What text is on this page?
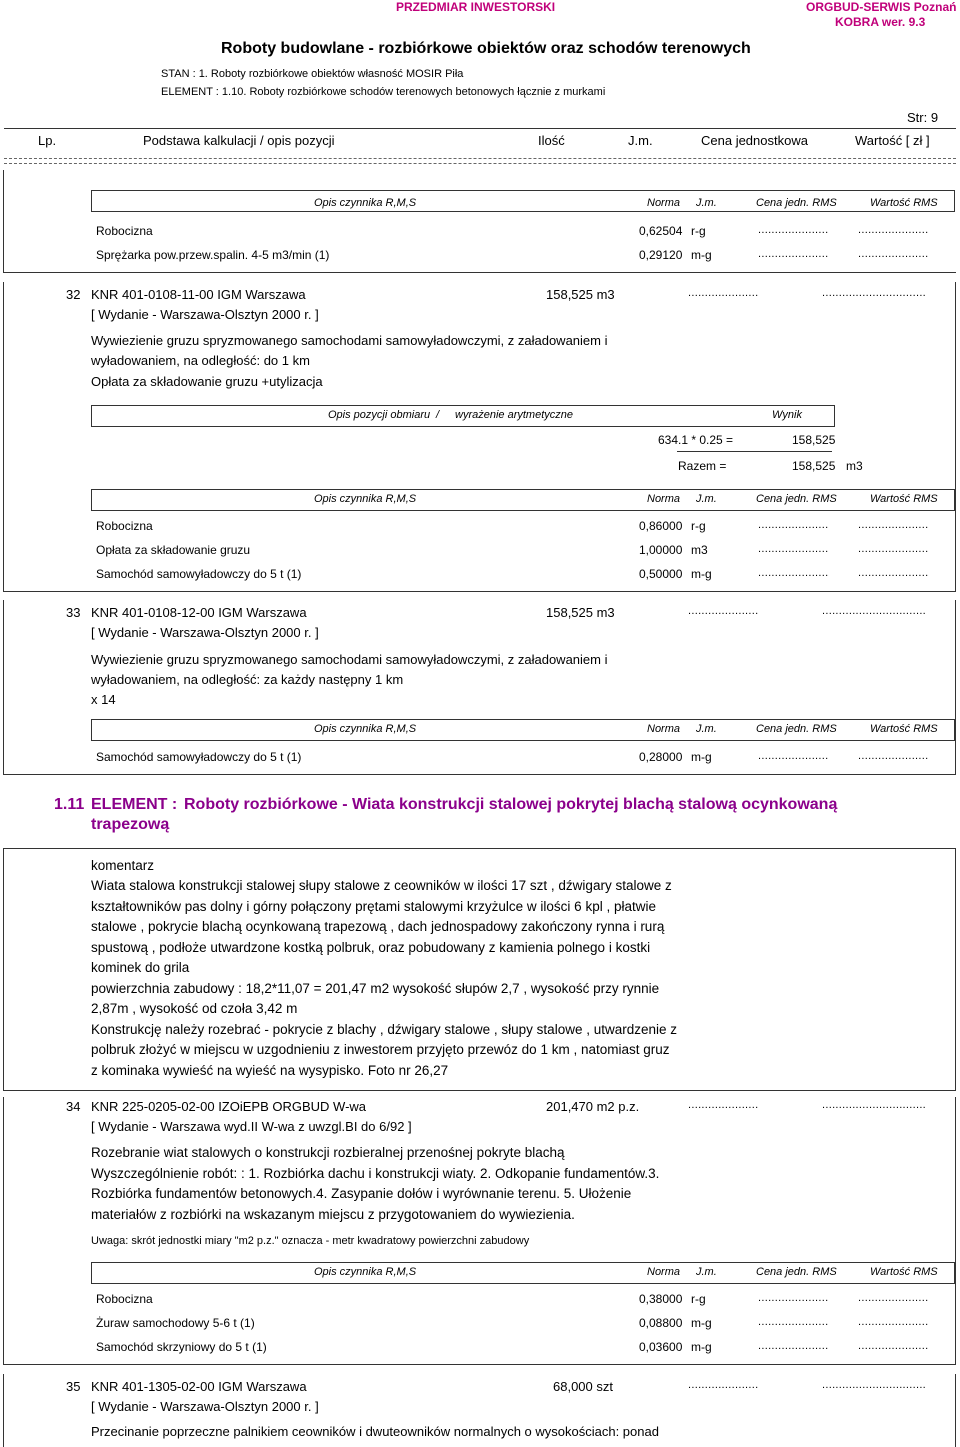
PRZEDMIAR INWESTORSKI	ORGBUD-SERWIS Poznań
KOBRA wer. 9.3
Roboty budowlane - rozbiórkowe obiektów oraz schodów terenowych
STAN : 1. Roboty rozbiórkowe obiektów własność MOSIR Piła
ELEMENT : 1.10. Roboty rozbiórkowe schodów terenowych betonowych łącznie z murkami
Str: 9
Lp.	Podstawa kalkulacji / opis pozycji	Ilość	J.m.	Cena jednostkowa	Wartość [ zł ]
Opis czynnika R,M,S	Norma J.m.	Cena jedn. RMS	Wartość RMS
Robocizna	0,62504 r-g	.....................	.....................
Sprężarka pow.przew.spalin. 4-5 m3/min (1)	0,29120 m-g	.....................	.....................
32 KNR 401-0108-11-00 IGM Warszawa	158,525 m3	.....................	...............................
[ Wydanie - Warszawa-Olsztyn 2000 r. ]
Wywiezienie gruzu spryzmowanego samochodami samowyładowczymi, z załadowaniem i
wyładowaniem, na odległość: do 1 km
Opłata za składowanie gruzu +utylizacja
Opis pozycji obmiaru / wyrażenie arytmetyczne	Wynik
634.1 * 0.25 =	158,525
Razem =	158,525 m3
Opis czynnika R,M,S	Norma J.m.	Cena jedn. RMS	Wartość RMS
Robocizna	0,86000 r-g	.....................	.....................
Opłata za składowanie gruzu	1,00000 m3	.....................	.....................
Samochód samowyładowczy do 5 t (1)	0,50000 m-g	.....................	.....................
33 KNR 401-0108-12-00 IGM Warszawa	158,525 m3	.....................	...............................
[ Wydanie - Warszawa-Olsztyn 2000 r. ]
Wywiezienie gruzu spryzmowanego samochodami samowyładowczymi, z załadowaniem i
wyładowaniem, na odległość: za każdy następny 1 km
x 14
Opis czynnika R,M,S	Norma J.m.	Cena jedn. RMS	Wartość RMS
Samochód samowyładowczy do 5 t (1)	0,28000 m-g	.....................	.....................
1.11 ELEMENT : Roboty rozbiórkowe - Wiata konstrukcji stalowej pokrytej blachą stalową ocynkowaną
trapezową
komentarz
Wiata stalowa konstrukcji stalowej słupy stalowe z ceowników w ilości 17 szt , dźwigary stalowe z
kształtowników pas dolny i górny połączony prętami stalowymi krzyżulce w ilości 6 kpl , płatwie
stalowe , pokrycie blachą ocynkowaną trapezową , dach jednospadowy zakończony rynna i rurą
spustową , podłoże utwardzone kostką polbruk, oraz pobudowany z kamienia polnego i kostki
kominek do grila
powierzchnia zabudowy : 18,2*11,07 = 201,47 m2 wysokość słupów 2,7 , wysokość przy rynnie
2,87m , wysokość od czoła 3,42 m
Konstrukcję należy rozebrać - pokrycie z blachy , dźwigary stalowe , słupy stalowe , utwardzenie z
polbruk złożyć w miejscu w uzgodnieniu z inwestorem przyjęto przewóz do 1 km , natomiast gruz
z kominaka wywieść na wyieść na wysypisko. Foto nr 26,27
34 KNR 225-0205-02-00 IZOiEPB ORGBUD W-wa	201,470 m2 p.z.	.....................	...............................
[ Wydanie - Warszawa wyd.II W-wa z uwzgl.BI do 6/92 ]
Rozebranie wiat stalowych o konstrukcji rozbieralnej przenośnej pokryte blachą
Wyszczególnienie robót: : 1. Rozbiórka dachu i konstrukcji wiaty. 2. Odkopanie fundamentów.3.
Rozbiórka fundamentów betonowych.4. Zasypanie dołów i wyrównanie terenu. 5. Ułożenie
materiałów z rozbiórki na wskazanym miejscu z przygotowaniem do wywiezienia.
Uwaga: skrót jednostki miary "m2 p.z." oznacza - metr kwadratowy powierzchni zabudowy
Opis czynnika R,M,S	Norma J.m.	Cena jedn. RMS	Wartość RMS
Robocizna	0,38000 r-g	.....................	.....................
Żuraw samochodowy 5-6 t (1)	0,08800 m-g	.....................	.....................
Samochód skrzyniowy do 5 t (1)	0,03600 m-g	.....................	.....................
35 KNR 401-1305-02-00 IGM Warszawa	68,000 szt	.....................	...............................
[ Wydanie - Warszawa-Olsztyn 2000 r. ]
Przecinanie poprzeczne palnikiem ceowników i dwuteowników normalnych o wysokościach: ponad
